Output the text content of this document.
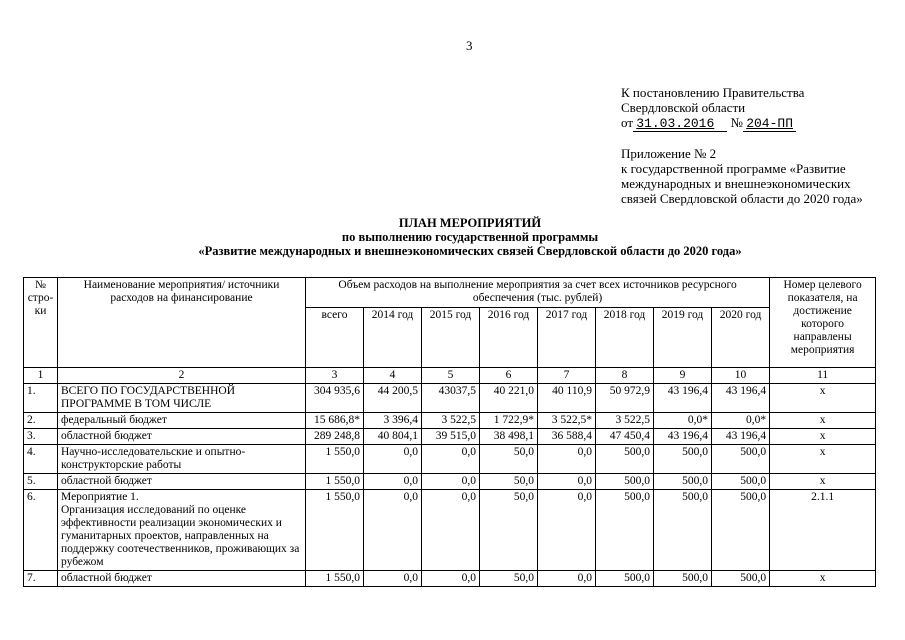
3
К постановлению Правительства
Свердловской области
от 31.03.2016 № 204-ПП
Приложение № 2
к государственной программе «Развитие
международных и внешнеэкономических
связей Свердловской области до 2020 года»
ПЛАН МЕРОПРИЯТИЙ
по выполнению государственной программы
«Развитие международных и внешнеэкономических связей Свердловской области до 2020 года»
№ стро- ки	Наименование мероприятия/ источники расходов на финансирование	Объем расходов на выполнение мероприятия за счет всех источников ресурсного обеспечения (тыс. рублей)								Номер целевого показателя, на достижение которого направлены мероприятия
		всего	2014 год	2015 год	2016 год	2017 год	2018 год	2019 год	2020 год	
1	2	3	4	5	6	7	8	9	10	11
1.	ВСЕГО ПО ГОСУДАРСТВЕННОЙ ПРОГРАММЕ В ТОМ ЧИСЛЕ	304 935,6	44 200,5	43037,5	40 221,0	40 110,9	50 972,9	43 196,4	43 196,4	х
2.	федеральный бюджет	15 686,8*	3 396,4	3 522,5	1 722,9*	3 522,5*	3 522,5	0,0*	0,0*	х
3.	областной бюджет	289 248,8	40 804,1	39 515,0	38 498,1	36 588,4	47 450,4	43 196,4	43 196,4	х
4.	Научно-исследовательские и опытно-конструкторские работы	1 550,0	0,0	0,0	50,0	0,0	500,0	500,0	500,0	х
5.	областной бюджет	1 550,0	0,0	0,0	50,0	0,0	500,0	500,0	500,0	х
6.	Мероприятие 1.
Организация исследований по оценке эффективности реализации экономических и гуманитарных проектов, направленных на поддержку соотечественников, проживающих за рубежом	1 550,0	0,0	0,0	50,0	0,0	500,0	500,0	500,0	2.1.1
7.	областной бюджет	1 550,0	0,0	0,0	50,0	0,0	500,0	500,0	500,0	х
